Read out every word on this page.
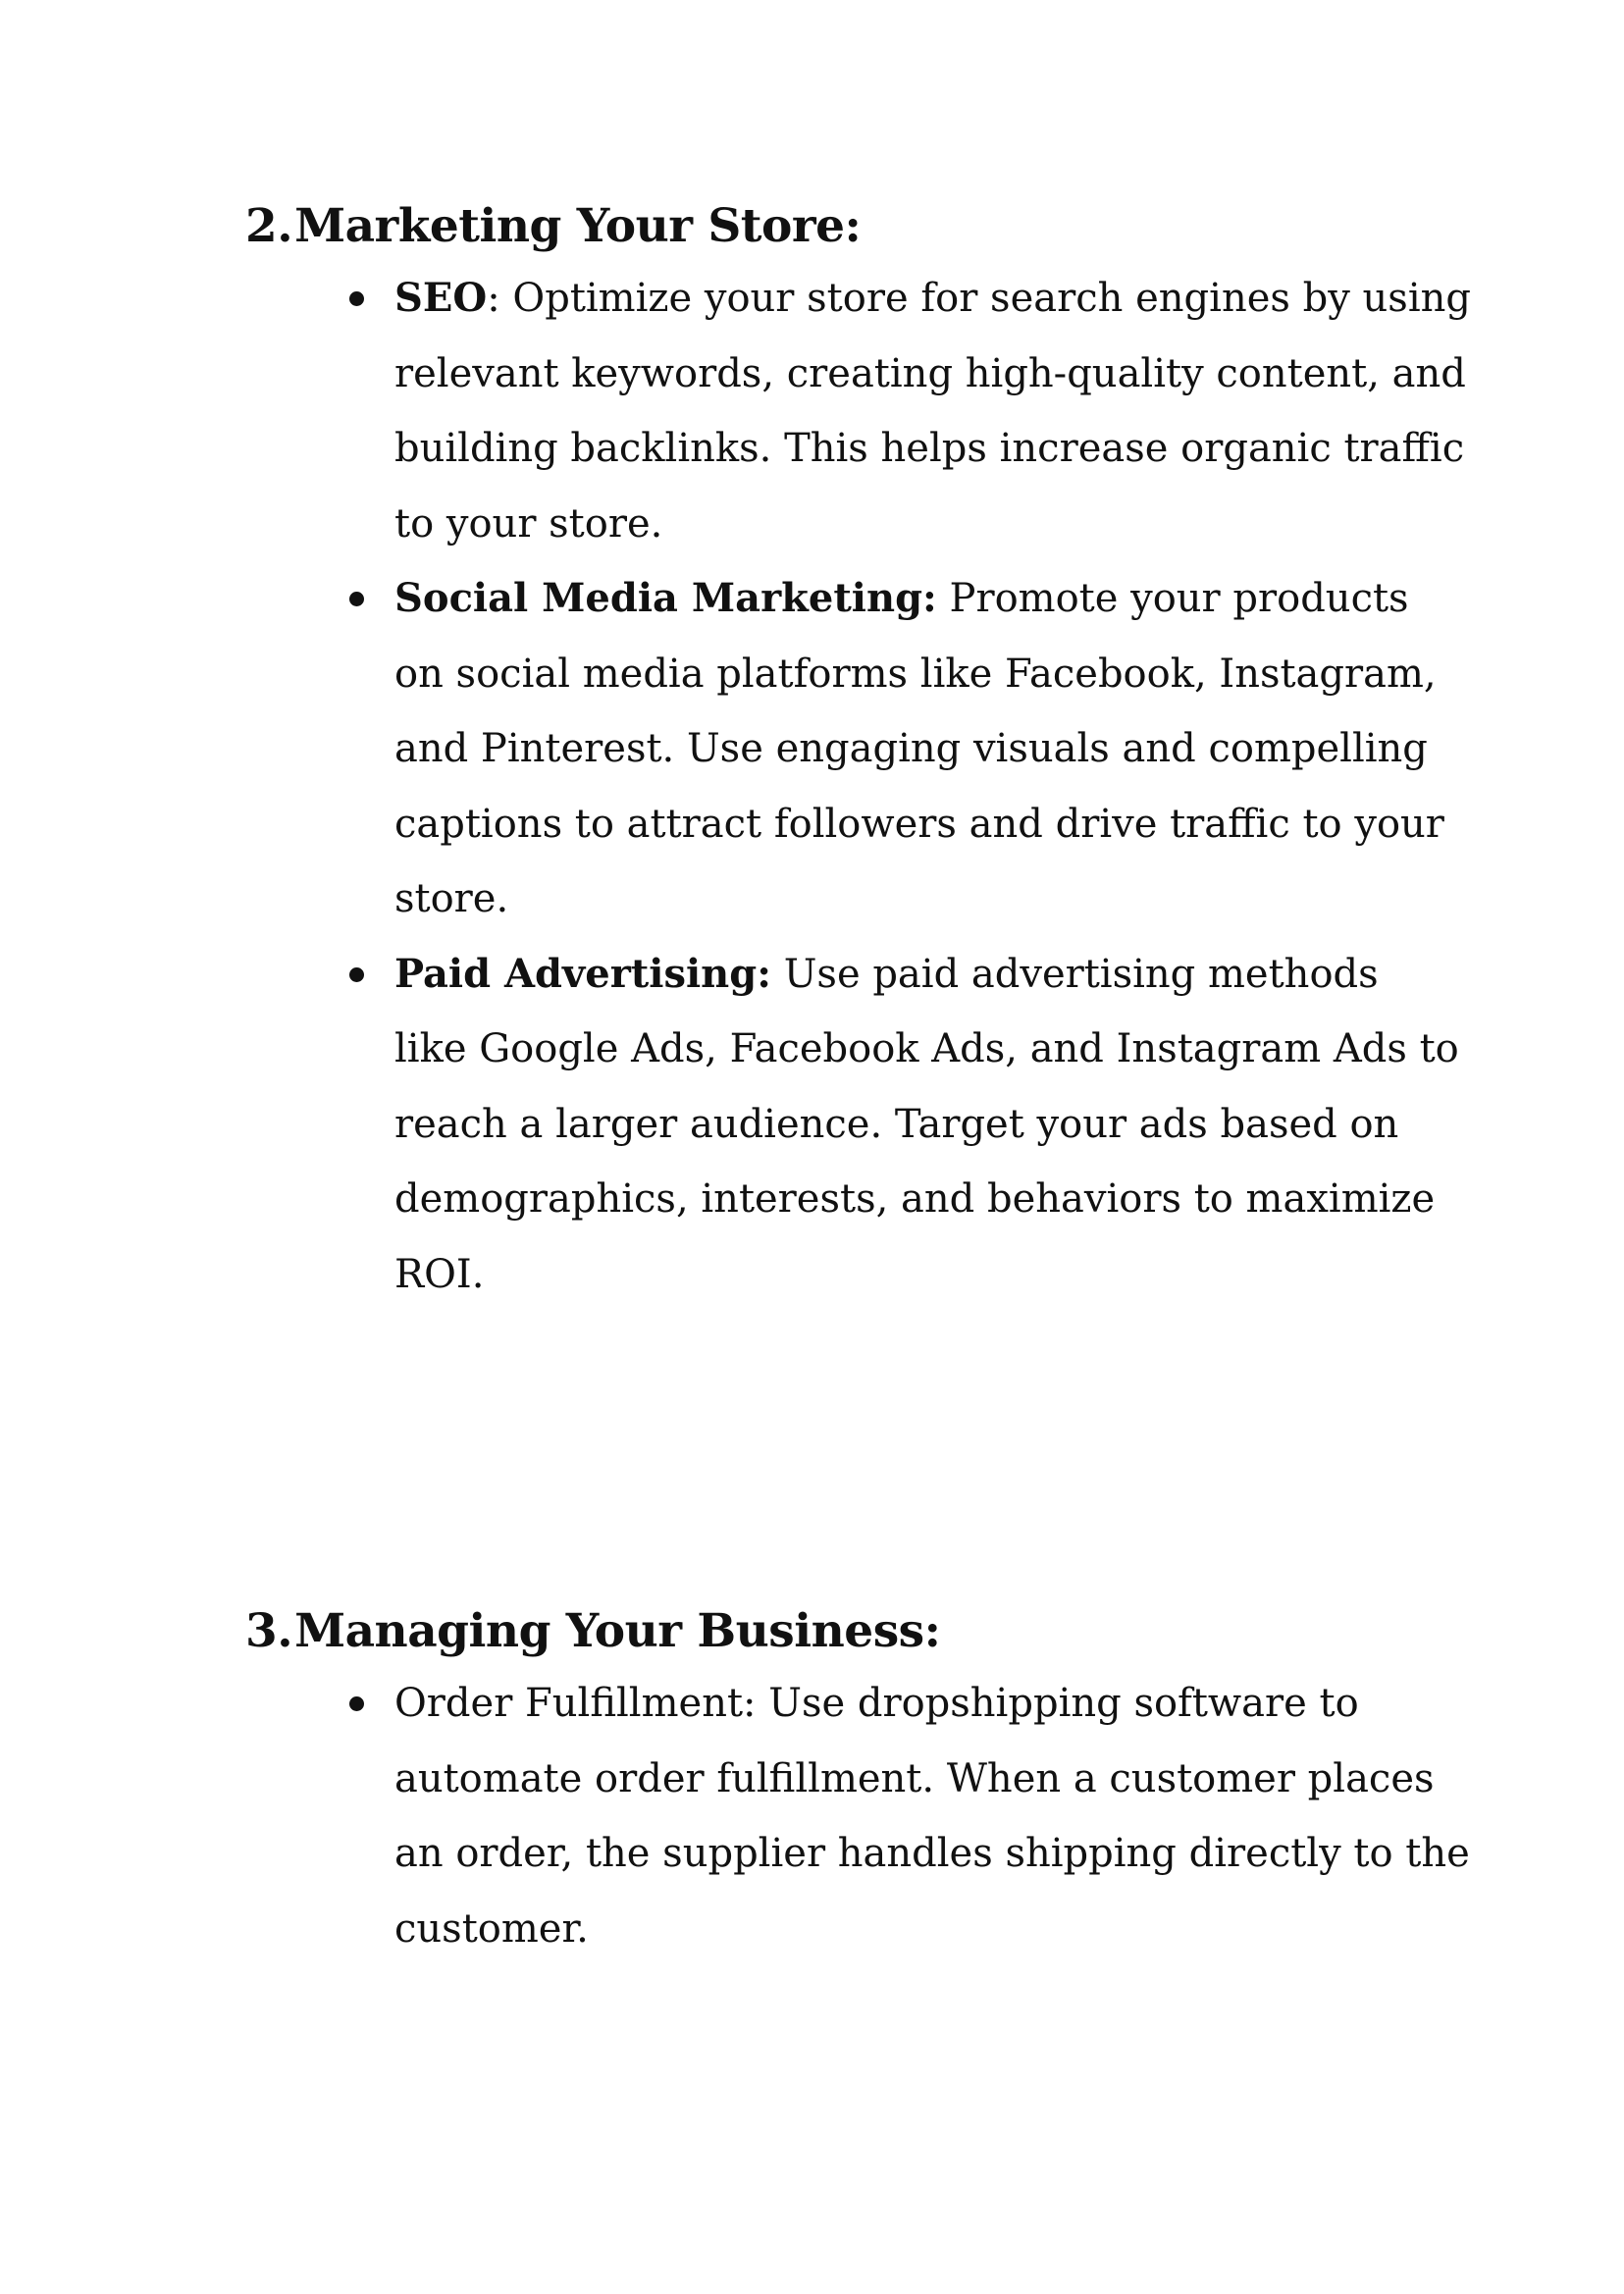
2.Marketing Your Store:
SEO: Optimize your store for search engines by using
relevant keywords, creating high-quality content, and
building backlinks. This helps increase organic traffic
to your store.
Social Media Marketing: Promote your products
on social media platforms like Facebook, Instagram,
and Pinterest. Use engaging visuals and compelling
captions to attract followers and drive traffic to your
store.
Paid Advertising: Use paid advertising methods
like Google Ads, Facebook Ads, and Instagram Ads to
reach a larger audience. Target your ads based on
demographics, interests, and behaviors to maximize
ROI.
3.Managing Your Business:
Order Fulfillment: Use dropshipping software to
automate order fulfillment. When a customer places
an order, the supplier handles shipping directly to the
customer.
